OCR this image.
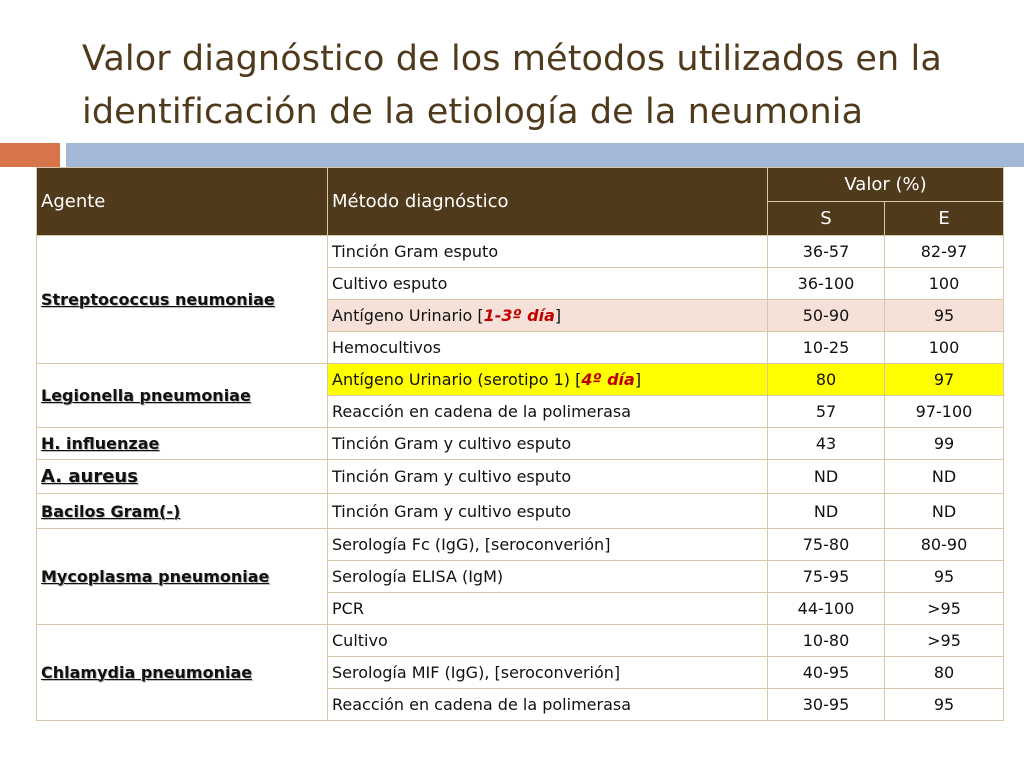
Valor diagnóstico de los métodos utilizados en la identificación de la etiología de la neumonia
Agente	Método diagnóstico	Valor (%)	
		S	E
Streptococcus neumoniae	Tinción Gram esputo	36-57	82-97
	Cultivo esputo	36-100	100
	Antígeno Urinario [1-3º día]	50-90	95
	Hemocultivos	10-25	100
Legionella pneumoniae	Antígeno Urinario (serotipo 1) [4º día]	80	97
	Reacción en cadena de la polimerasa	57	97-100
H. influenzae	Tinción Gram y cultivo esputo	43	99
A. aureus	Tinción Gram y cultivo esputo	ND	ND
Bacilos Gram(-)	Tinción Gram y cultivo esputo	ND	ND
Mycoplasma pneumoniae	Serología Fc (IgG), [seroconverión]	75-80	80-90
	Serología ELISA (IgM)	75-95	95
	PCR	44-100	>95
Chlamydia pneumoniae	Cultivo	10-80	>95
	Serología MIF (IgG), [seroconverión]	40-95	80
	Reacción en cadena de la polimerasa	30-95	95
